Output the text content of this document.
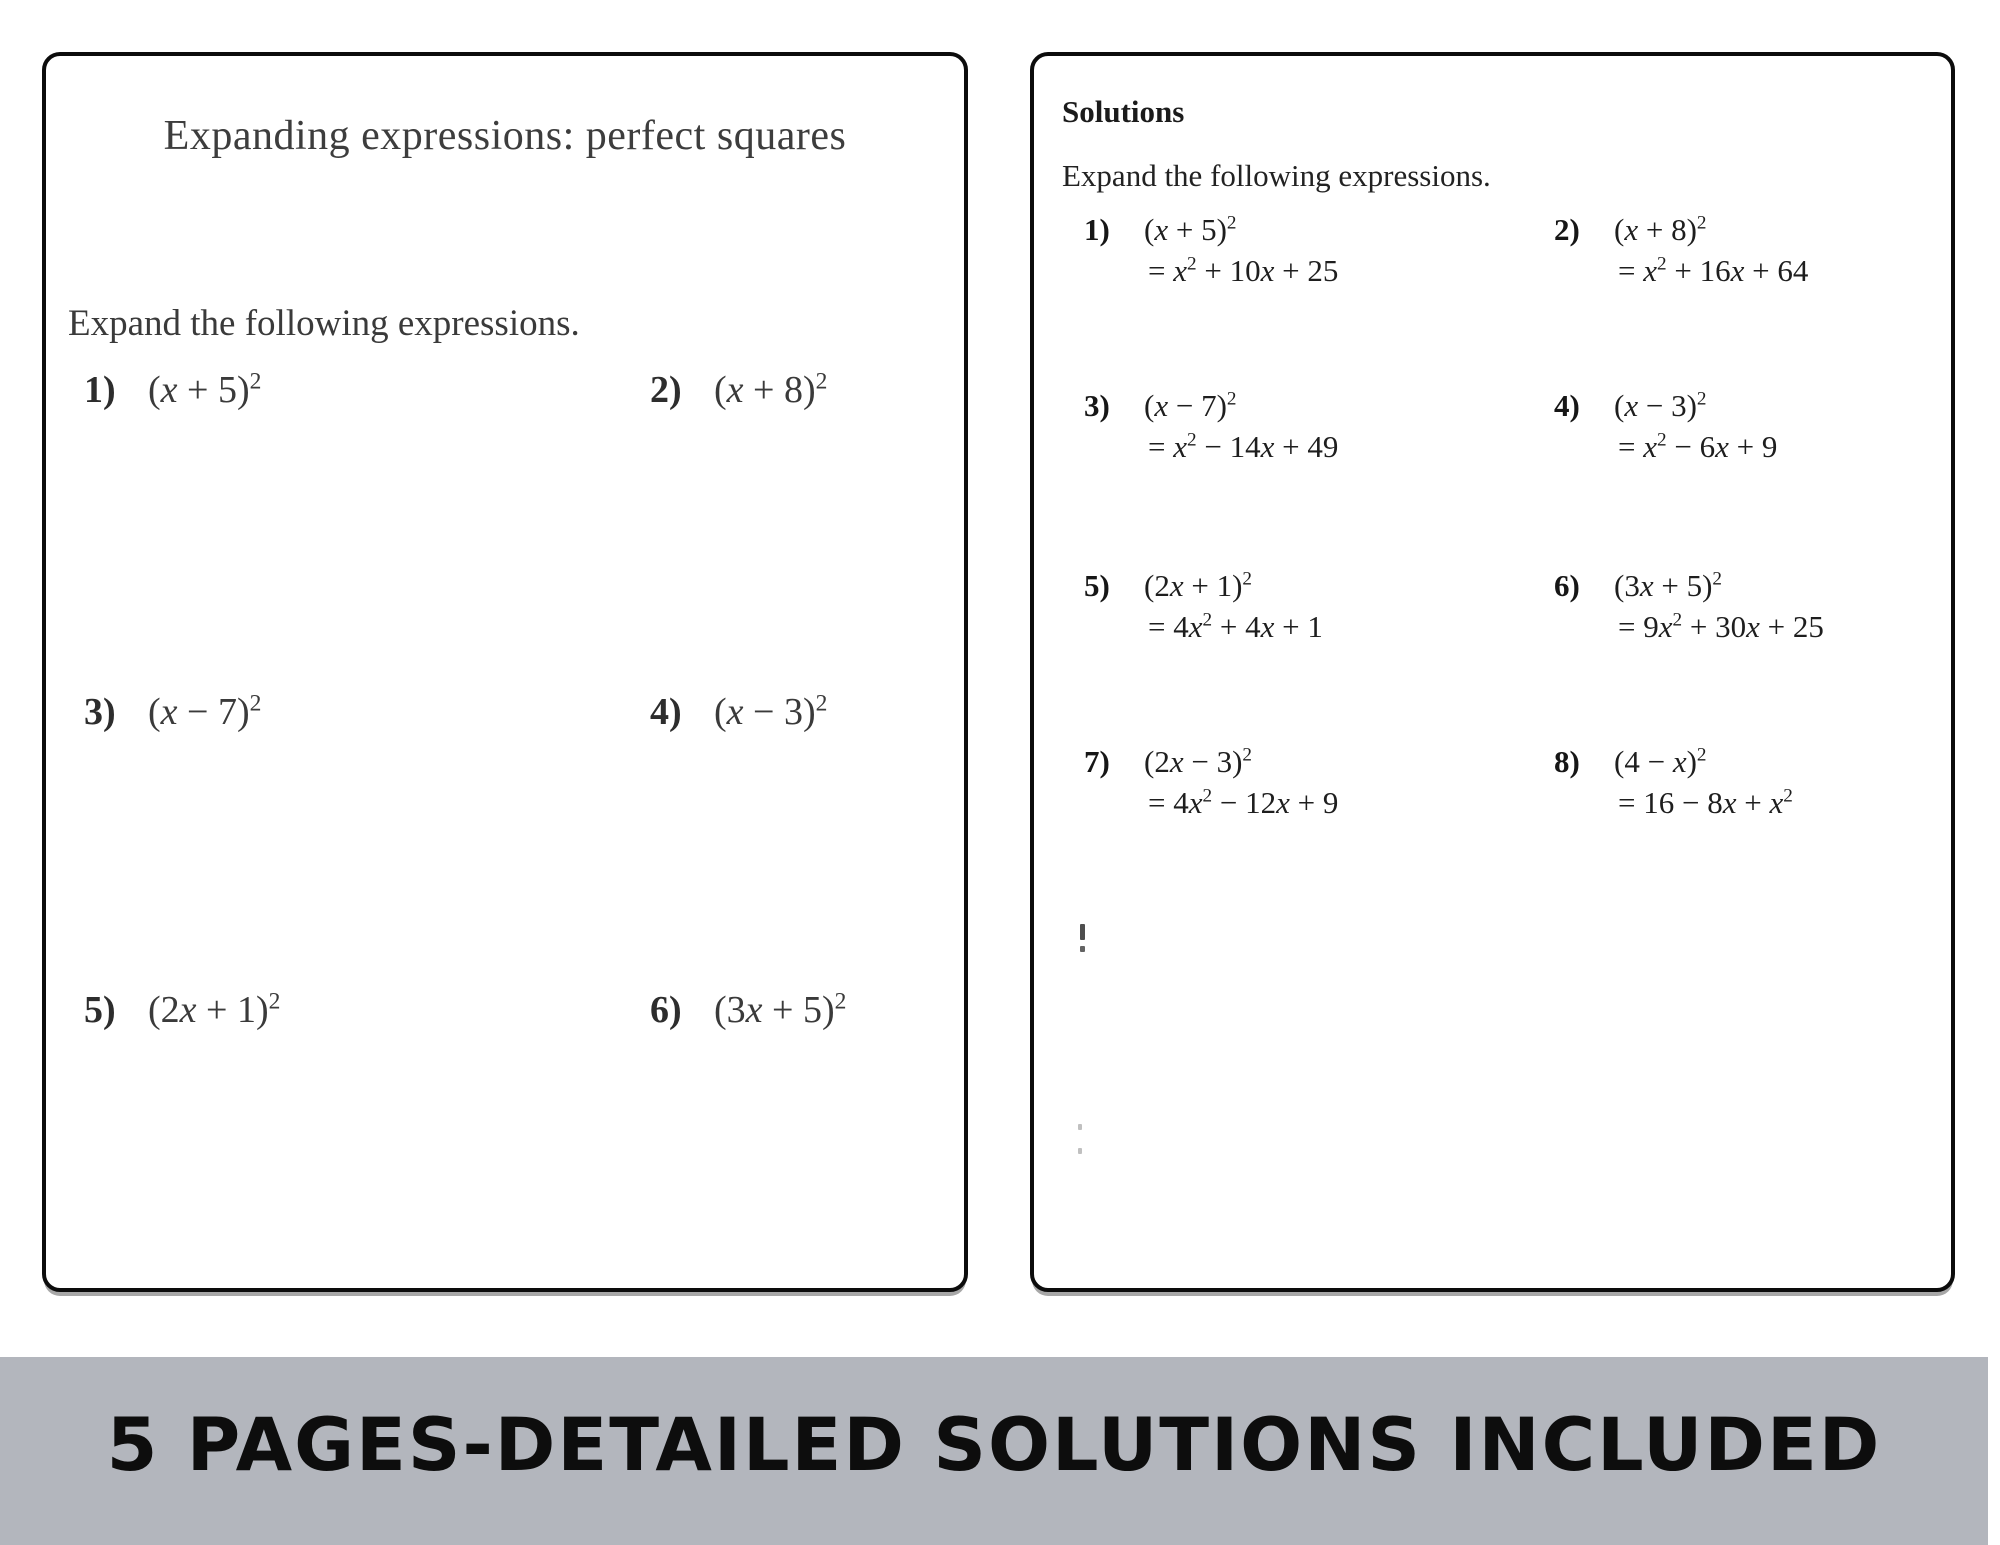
Expanding expressions: perfect squares
Expand the following expressions.
1) $(x + 5)^2$	2) $(x + 8)^2$
3) $(x - 7)^2$	4) $(x - 3)^2$
5) $(2x + 1)^2$	6) $(3x + 5)^2$
Solutions
Expand the following expressions.
1)	$(x + 5)^2$
= $x^2 + 10x + 25$
2)	$(x + 8)^2$
= $x^2 + 16x + 64$
3)	$(x - 7)^2$
= $x^2 - 14x + 49$
4)	$(x - 3)^2$
= $x^2 - 6x + 9$
5)	$(2x + 1)^2$
= $4x^2 + 4x + 1$
6)	$(3x + 5)^2$
= $9x^2 + 30x + 25$
7)	$(2x - 3)^2$
= $4x^2 - 12x + 9$
8)	$(4 - x)^2$
= $16 - 8x + x^2$
5 PAGES-DETAILED SOLUTIONS INCLUDED
